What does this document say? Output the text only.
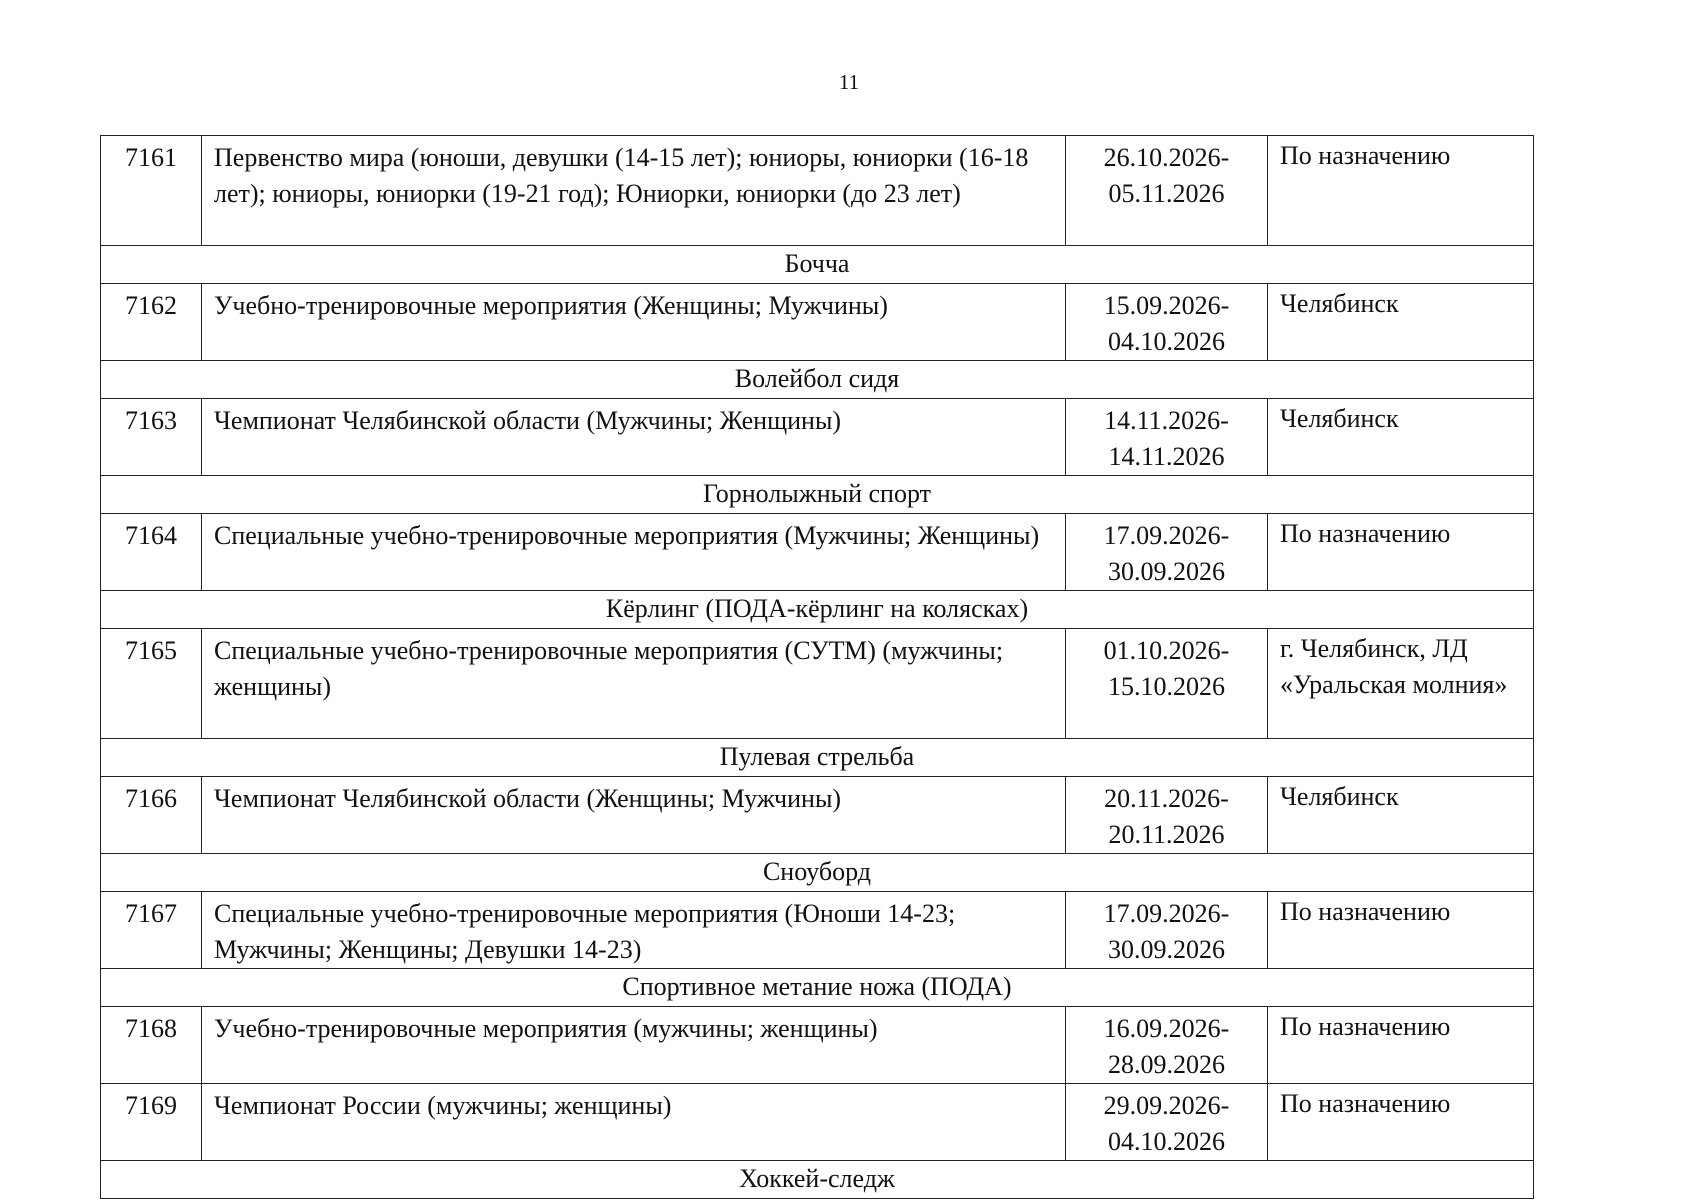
11
7161	Первенство мира (юноши, девушки (14-15 лет); юниоры, юниорки (16-18 лет); юниоры, юниорки (19-21 год); Юниорки, юниорки (до 23 лет)	26.10.2026-
05.11.2026	По назначению
Бочча			
7162	Учебно-тренировочные мероприятия (Женщины; Мужчины)	15.09.2026-
04.10.2026	Челябинск
Волейбол сидя			
7163	Чемпионат Челябинской области (Мужчины; Женщины)	14.11.2026-
14.11.2026	Челябинск
Горнолыжный спорт			
7164	Специальные учебно-тренировочные мероприятия (Мужчины; Женщины)	17.09.2026-
30.09.2026	По назначению
Кёрлинг (ПОДА-кёрлинг на колясках)			
7165	Специальные учебно-тренировочные мероприятия (СУТМ) (мужчины; женщины)	01.10.2026-
15.10.2026	г. Челябинск, ЛД «Уральская молния»
Пулевая стрельба			
7166	Чемпионат Челябинской области (Женщины; Мужчины)	20.11.2026-
20.11.2026	Челябинск
Сноуборд			
7167	Специальные учебно-тренировочные мероприятия (Юноши 14-23; Мужчины; Женщины; Девушки 14-23)	17.09.2026-
30.09.2026	По назначению
Спортивное метание ножа (ПОДА)			
7168	Учебно-тренировочные мероприятия (мужчины; женщины)	16.09.2026-
28.09.2026	По назначению
7169	Чемпионат России (мужчины; женщины)	29.09.2026-
04.10.2026	По назначению
Хоккей-следж			
